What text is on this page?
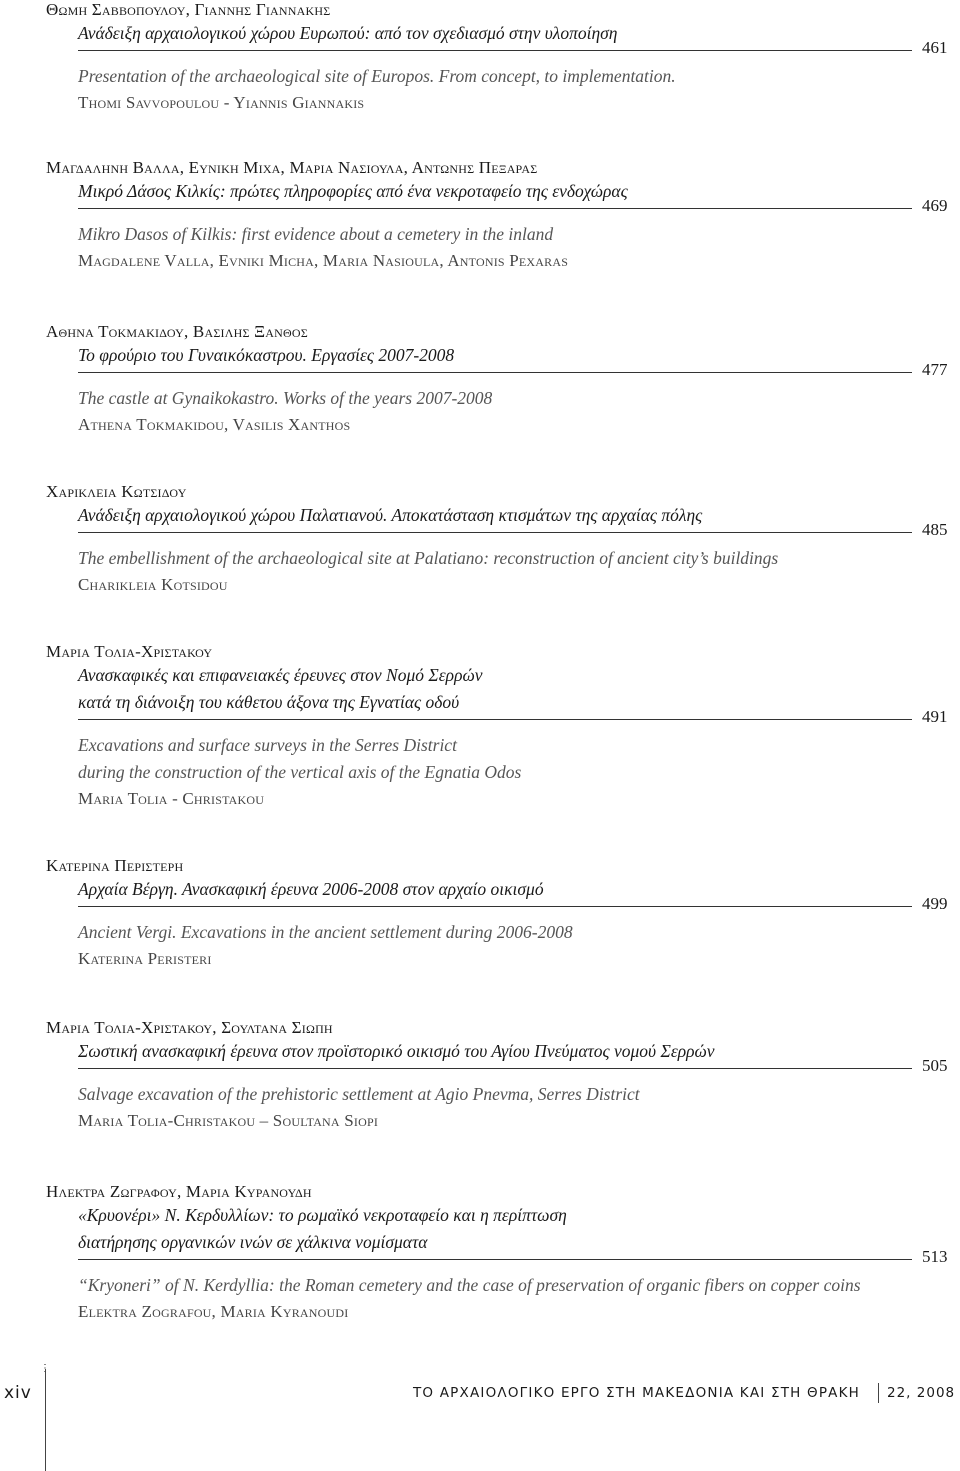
Θωμη Σαββοπουλου, Γιαννης Γιαννακης
Ανάδειξη αρχαιολογικού χώρου Ευρωπού: από τον σχεδιασμό στην υλοποίηση
461
Presentation of the archaeological site of Europos. From concept, to implementation.
Thomi Savvopoulou - Yiannis Giannakis
Μαγδαληνη Βαλλα, Ευνικη Μιχα, Μαρια Νασιουλα, Αντωνης Πεξαρας
Μικρό Δάσος Κιλκίς: πρώτες πληροφορίες από ένα νεκροταφείο της ενδοχώρας
469
Mikro Dasos of Kilkis: first evidence about a cemetery in the inland
Magdalene Valla, Evniki Micha, Maria Nasioula, Antonis Pexaras
Αθηνα Τοκμακιδου, Βασιλης Ξανθος
Το φρούριο του Γυναικόκαστρου. Εργασίες 2007-2008
477
The castle at Gynaikokastro. Works of the years 2007-2008
Athena Tokmakidou, Vasilis Xanthos
Χαρικλεια Κωτσιδου
Ανάδειξη αρχαιολογικού χώρου Παλατιανού. Αποκατάσταση κτισμάτων της αρχαίας πόλης
485
The embellishment of the archaeological site at Palatiano: reconstruction of ancient city’s buildings
Charikleia Kotsidou
Μαρια Τολια-Χριστακου
Ανασκαφικές και επιφανειακές έρευνες στον Νομό Σερρών
κατά τη διάνοιξη του κάθετου άξονα της Εγνατίας οδού
491
Excavations and surface surveys in the Serres District
during the construction of the vertical axis of the Egnatia Odos
Maria Tolia - Christakou
Κατερινα Περιστερη
Αρχαία Βέργη. Ανασκαφική έρευνα 2006-2008 στον αρχαίο οικισμό
499
Ancient Vergi. Excavations in the ancient settlement during 2006-2008
Katerina Peristeri
Μαρια Τολια-Χριστακου, Σουλτανα Σιωπη
Σωστική ανασκαφική έρευνα στον προϊστορικό οικισμό του Αγίου Πνεύματος νομού Σερρών
505
Salvage excavation of the prehistoric settlement at Agio Pnevma, Serres District
Maria Tolia-Christakou – Soultana Siopi
Ηλεκτρα Ζωγραφου, Μαρια Κυρανουδη
«Κρυονέρι» Ν. Κερδυλλίων: το ρωμαϊκό νεκροταφείο και η περίπτωση
διατήρησης οργανικών ινών σε χάλκινα νομίσματα
513
“Kryoneri” of N. Kerdyllia: the Roman cemetery and the case of preservation of organic fibers on copper coins
Elektra Zografou, Maria Kyranoudi
⋮
xiv	ΤΟ ΑΡΧΑΙΟΛΟΓΙΚΟ ΕΡΓΟ ΣΤΗ ΜΑΚΕΔΟΝΙΑ ΚΑΙ ΣΤΗ ΘΡΑΚΗ 22, 2008
